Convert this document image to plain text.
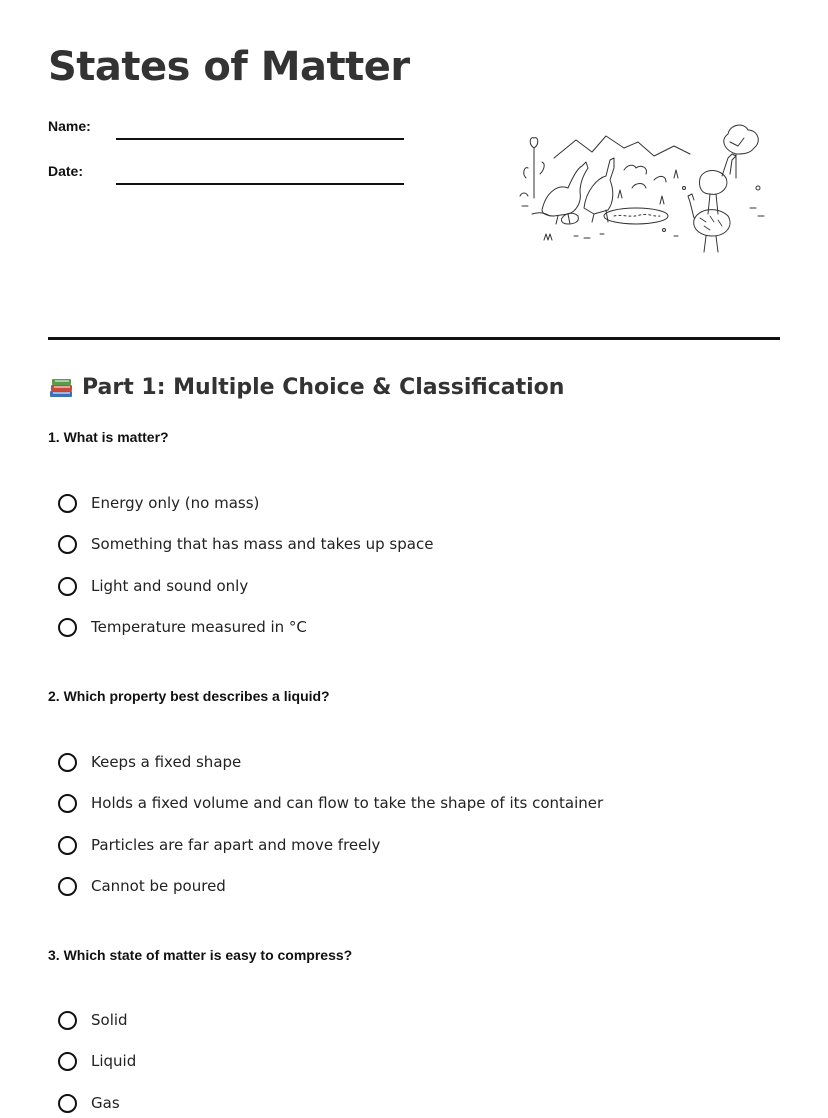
States of Matter
Name:
Date:
Part 1: Multiple Choice & Classification

1. What is matter?

Energy only (no mass)
Something that has mass and takes up space
Light and sound only
Temperature measured in °C

2. Which property best describes a liquid?

Keeps a fixed shape
Holds a fixed volume and can flow to take the shape of its container
Particles are far apart and move freely
Cannot be poured

3. Which state of matter is easy to compress?

Solid
Liquid
Gas
